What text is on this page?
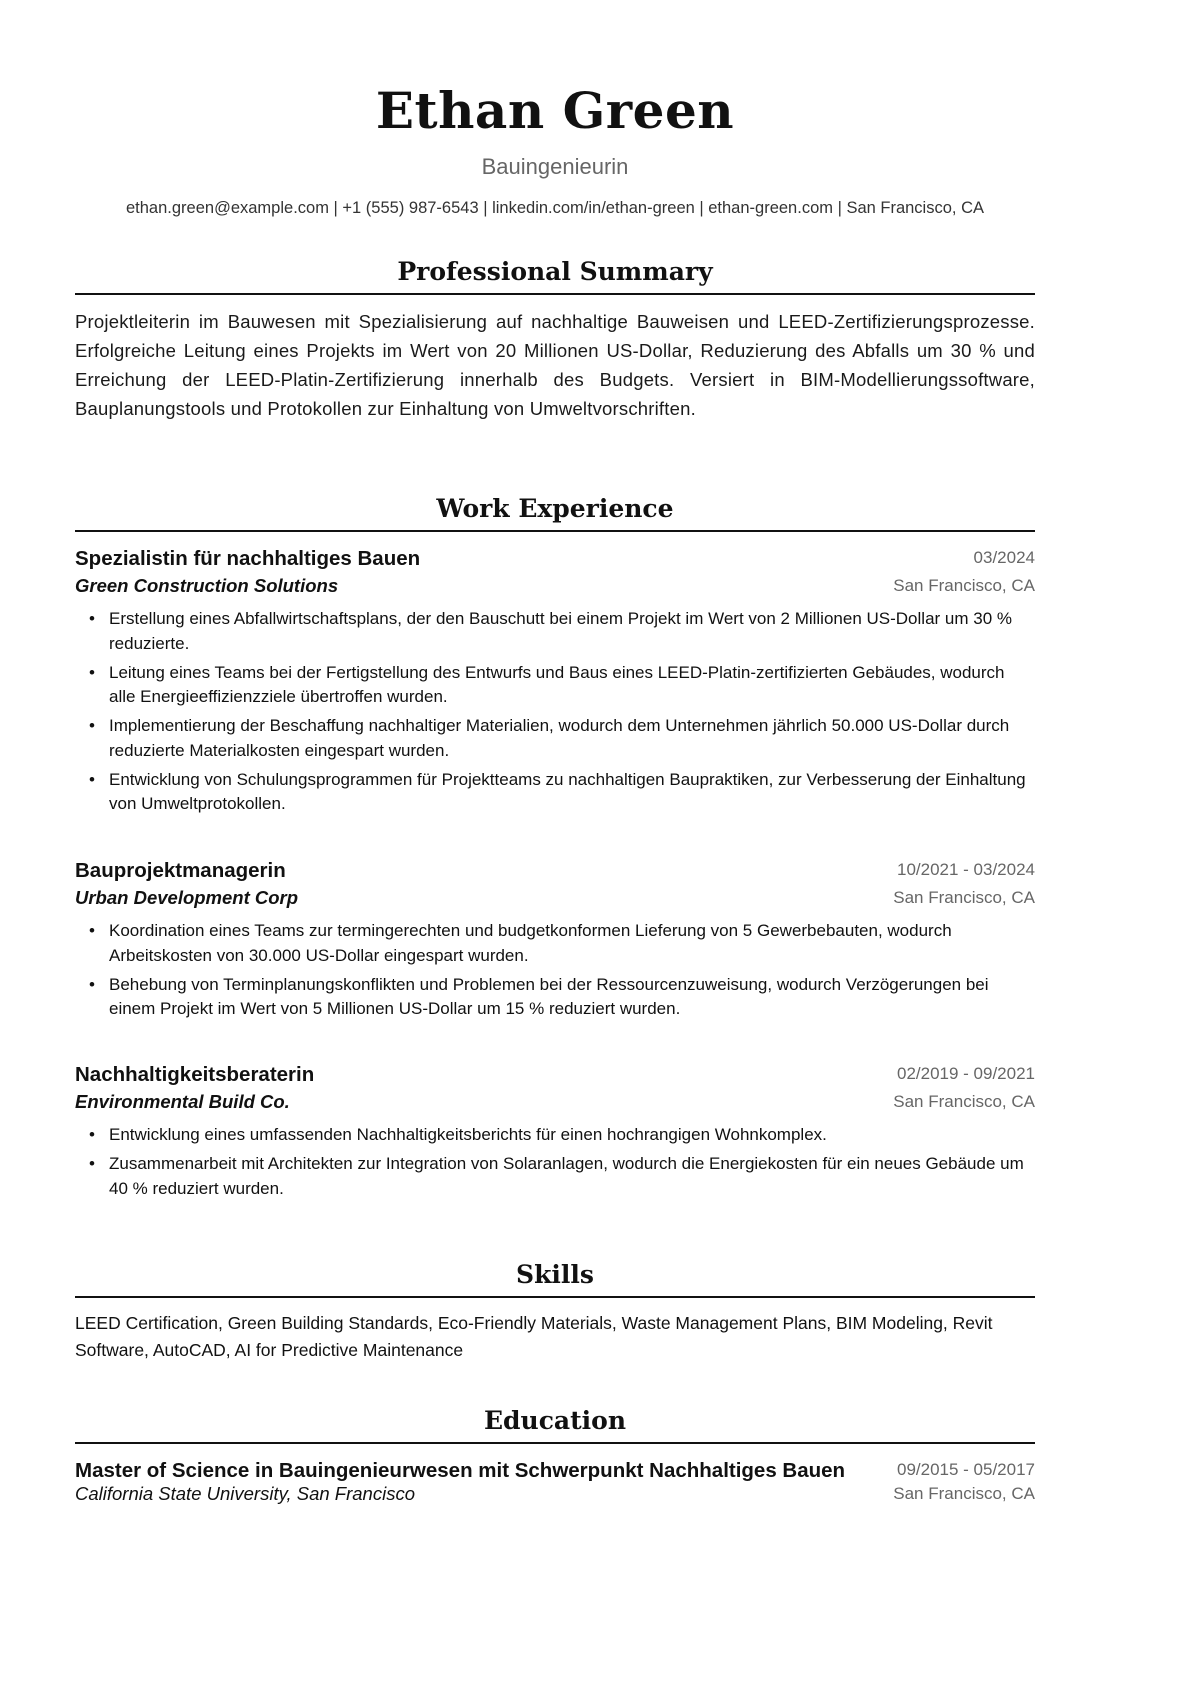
Ethan Green
Bauingenieurin
ethan.green@example.com | +1 (555) 987-6543 | linkedin.com/in/ethan-green | ethan-green.com | San Francisco, CA
Professional Summary
Projektleiterin im Bauwesen mit Spezialisierung auf nachhaltige Bauweisen und LEED-Zertifizierungsprozesse. Erfolgreiche Leitung eines Projekts im Wert von 20 Millionen US-Dollar, Reduzierung des Abfalls um 30 % und Erreichung der LEED-Platin-Zertifizierung innerhalb des Budgets. Versiert in BIM-Modellierungssoftware, Bauplanungstools und Protokollen zur Einhaltung von Umweltvorschriften.
Work Experience
Spezialistin für nachhaltiges Bauen	03/2024
Green Construction Solutions	San Francisco, CA
• Erstellung eines Abfallwirtschaftsplans, der den Bauschutt bei einem Projekt im Wert von 2 Millionen US-Dollar um 30 % reduzierte.
• Leitung eines Teams bei der Fertigstellung des Entwurfs und Baus eines LEED-Platin-zertifizierten Gebäudes, wodurch alle Energieeffizienzziele übertroffen wurden.
• Implementierung der Beschaffung nachhaltiger Materialien, wodurch dem Unternehmen jährlich 50.000 US-Dollar durch reduzierte Materialkosten eingespart wurden.
• Entwicklung von Schulungsprogrammen für Projektteams zu nachhaltigen Baupraktiken, zur Verbesserung der Einhaltung von Umweltprotokollen.
Bauprojektmanagerin	10/2021 - 03/2024
Urban Development Corp	San Francisco, CA
• Koordination eines Teams zur termingerechten und budgetkonformen Lieferung von 5 Gewerbebauten, wodurch Arbeitskosten von 30.000 US-Dollar eingespart wurden.
• Behebung von Terminplanungskonflikten und Problemen bei der Ressourcenzuweisung, wodurch Verzögerungen bei einem Projekt im Wert von 5 Millionen US-Dollar um 15 % reduziert wurden.
Nachhaltigkeitsberaterin	02/2019 - 09/2021
Environmental Build Co.	San Francisco, CA
• Entwicklung eines umfassenden Nachhaltigkeitsberichts für einen hochrangigen Wohnkomplex.
• Zusammenarbeit mit Architekten zur Integration von Solaranlagen, wodurch die Energiekosten für ein neues Gebäude um 40 % reduziert wurden.
Skills
LEED Certification, Green Building Standards, Eco-Friendly Materials, Waste Management Plans, BIM Modeling, Revit Software, AutoCAD, AI for Predictive Maintenance
Education
Master of Science in Bauingenieurwesen mit Schwerpunkt Nachhaltiges Bauen	09/2015 - 05/2017
California State University, San Francisco	San Francisco, CA
